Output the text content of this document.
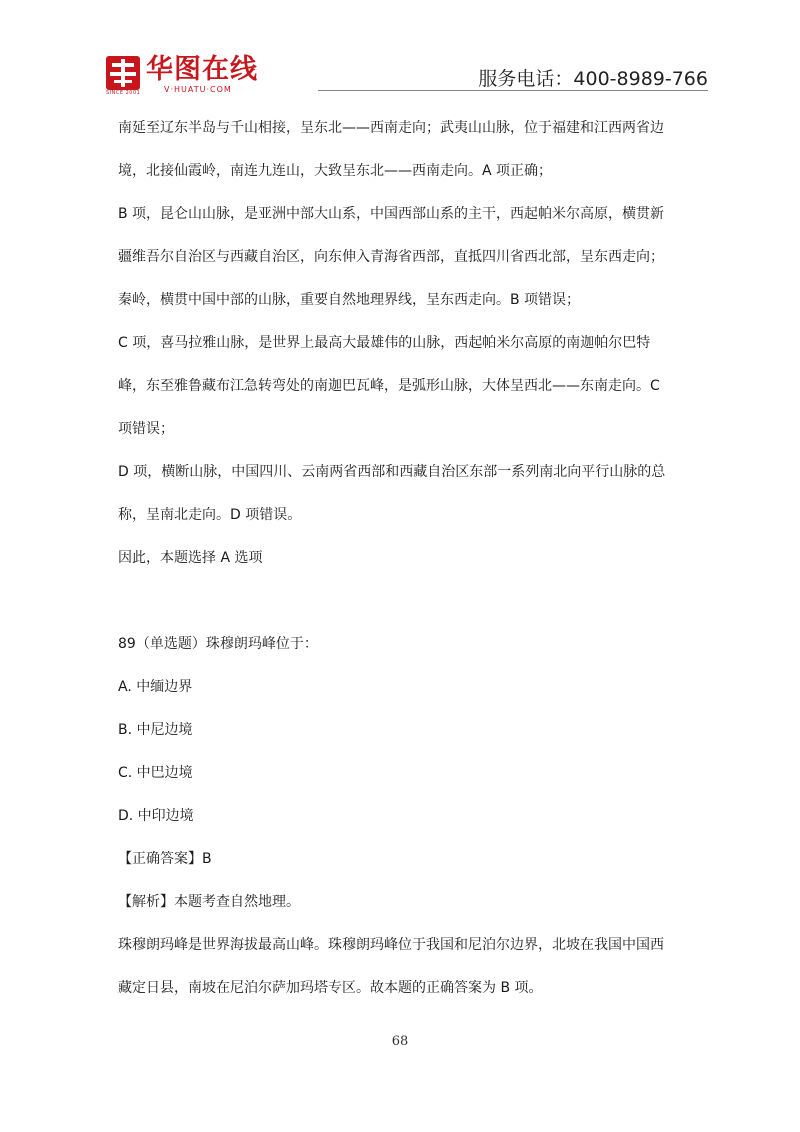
SINCE 2001
华图在线
V·HUATU·COM	服务电话：400-8989-766
南延至辽东半岛与千山相接，呈东北——西南走向；武夷山山脉，位于福建和江西两省边
境，北接仙霞岭，南连九连山，大致呈东北——西南走向。A 项正确；
B 项，昆仑山山脉，是亚洲中部大山系，中国西部山系的主干，西起帕米尔高原，横贯新
疆维吾尔自治区与西藏自治区，向东伸入青海省西部，直抵四川省西北部，呈东西走向；
秦岭，横贯中国中部的山脉，重要自然地理界线，呈东西走向。B 项错误；
C 项，喜马拉雅山脉，是世界上最高大最雄伟的山脉，西起帕米尔高原的南迦帕尔巴特
峰，东至雅鲁藏布江急转弯处的南迦巴瓦峰，是弧形山脉，大体呈西北——东南走向。C
项错误；
D 项，横断山脉，中国四川、云南两省西部和西藏自治区东部一系列南北向平行山脉的总
称，呈南北走向。D 项错误。
因此，本题选择 A 选项
89（单选题）珠穆朗玛峰位于：
A. 中缅边界
B. 中尼边境
C. 中巴边境
D. 中印边境
【正确答案】B
【解析】本题考查自然地理。
珠穆朗玛峰是世界海拔最高山峰。珠穆朗玛峰位于我国和尼泊尔边界，北坡在我国中国西
藏定日县，南坡在尼泊尔萨加玛塔专区。故本题的正确答案为 B 项。
68
